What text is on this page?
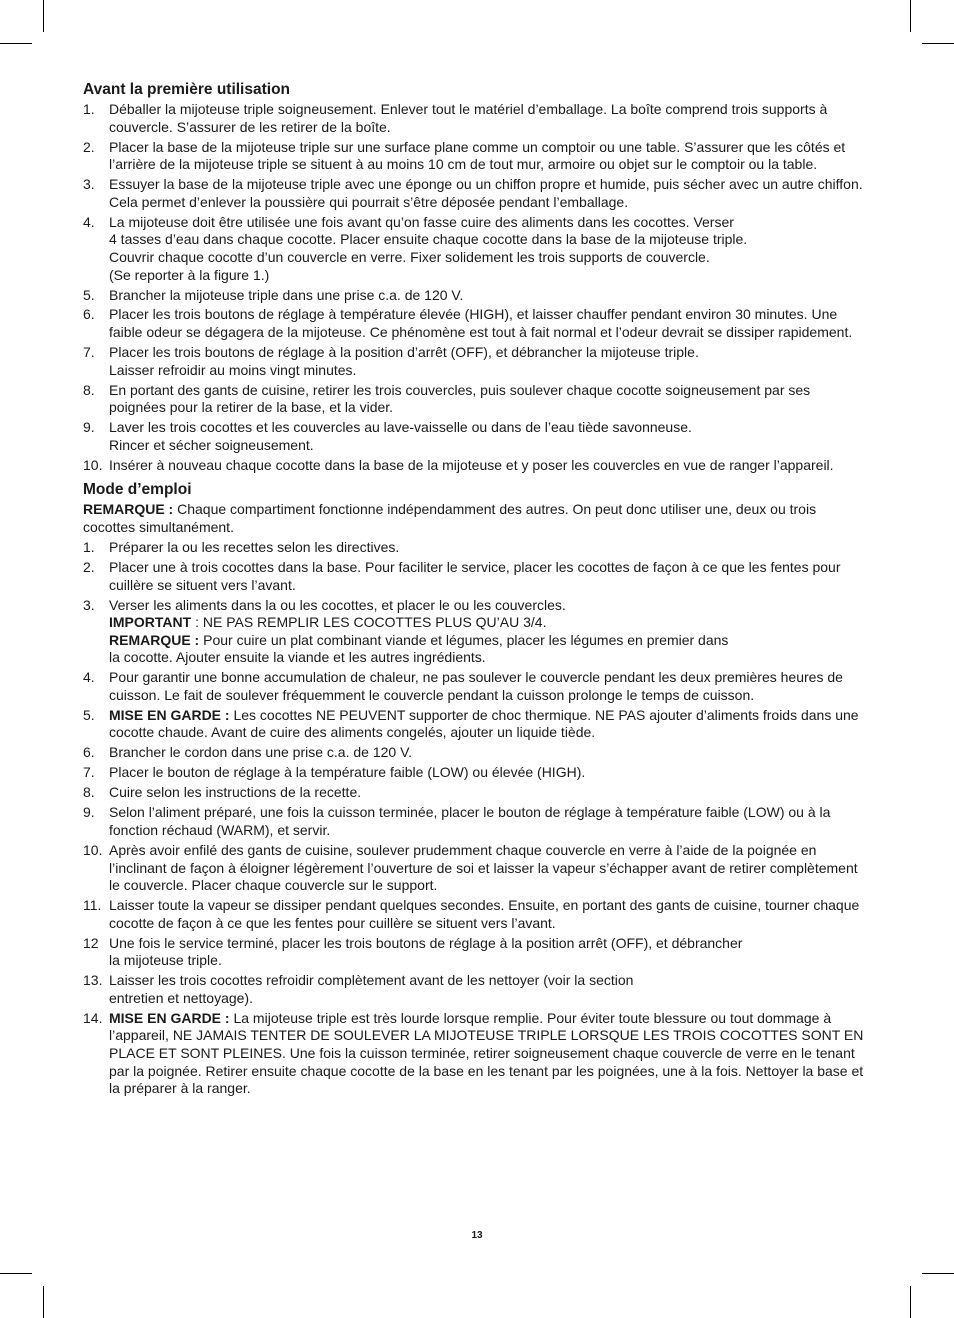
Avant la première utilisation
1. Déballer la mijoteuse triple soigneusement. Enlever tout le matériel d’emballage. La boîte comprend trois supports à couvercle. S’assurer de les retirer de la boîte.
2. Placer la base de la mijoteuse triple sur une surface plane comme un comptoir ou une table. S’assurer que les côtés et l’arrière de la mijoteuse triple se situent à au moins 10 cm de tout mur, armoire ou objet sur le comptoir ou la table.
3. Essuyer la base de la mijoteuse triple avec une éponge ou un chiffon propre et humide, puis sécher avec un autre chiffon. Cela permet d’enlever la poussière qui pourrait s’être déposée pendant l’emballage.
4. La mijoteuse doit être utilisée une fois avant qu’on fasse cuire des aliments dans les cocottes. Verser
4 tasses d’eau dans chaque cocotte. Placer ensuite chaque cocotte dans la base de la mijoteuse triple.
Couvrir chaque cocotte d’un couvercle en verre. Fixer solidement les trois supports de couvercle.
(Se reporter à la figure 1.)
5. Brancher la mijoteuse triple dans une prise c.a. de 120 V.
6. Placer les trois boutons de réglage à température élevée (HIGH), et laisser chauffer pendant environ 30 minutes. Une faible odeur se dégagera de la mijoteuse. Ce phénomène est tout à fait normal et l’odeur devrait se dissiper rapidement.
7. Placer les trois boutons de réglage à la position d’arrêt (OFF), et débrancher la mijoteuse triple.
Laisser refroidir au moins vingt minutes.
8. En portant des gants de cuisine, retirer les trois couvercles, puis soulever chaque cocotte soigneusement par ses poignées pour la retirer de la base, et la vider.
9. Laver les trois cocottes et les couvercles au lave-vaisselle ou dans de l’eau tiède savonneuse.
Rincer et sécher soigneusement.
10. Insérer à nouveau chaque cocotte dans la base de la mijoteuse et y poser les couvercles en vue de ranger l’appareil.
Mode d’emploi

REMARQUE : Chaque compartiment fonctionne indépendamment des autres. On peut donc utiliser une, deux ou trois cocottes simultanément.

1. Préparer la ou les recettes selon les directives.
2. Placer une à trois cocottes dans la base. Pour faciliter le service, placer les cocottes de façon à ce que les fentes pour cuillère se situent vers l’avant.
3. Verser les aliments dans la ou les cocottes, et placer le ou les couvercles.
IMPORTANT : NE PAS REMPLIR LES COCOTTES PLUS QU’AU 3/4.
REMARQUE : Pour cuire un plat combinant viande et légumes, placer les légumes en premier dans
la cocotte. Ajouter ensuite la viande et les autres ingrédients.
4. Pour garantir une bonne accumulation de chaleur, ne pas soulever le couvercle pendant les deux premières heures de cuisson. Le fait de soulever fréquemment le couvercle pendant la cuisson prolonge le temps de cuisson.
5. MISE EN GARDE : Les cocottes NE PEUVENT supporter de choc thermique. NE PAS ajouter d’aliments froids dans une cocotte chaude. Avant de cuire des aliments congelés, ajouter un liquide tiède.
6. Brancher le cordon dans une prise c.a. de 120 V.
7. Placer le bouton de réglage à la température faible (LOW) ou élevée (HIGH).
8. Cuire selon les instructions de la recette.
9. Selon l’aliment préparé, une fois la cuisson terminée, placer le bouton de réglage à température faible (LOW) ou à la fonction réchaud (WARM), et servir.
10. Après avoir enfilé des gants de cuisine, soulever prudemment chaque couvercle en verre à l’aide de la poignée en l’inclinant de façon à éloigner légèrement l’ouverture de soi et laisser la vapeur s’échapper avant de retirer complètement le couvercle. Placer chaque couvercle sur le support.
11. Laisser toute la vapeur se dissiper pendant quelques secondes. Ensuite, en portant des gants de cuisine, tourner chaque cocotte de façon à ce que les fentes pour cuillère se situent vers l’avant.
12 Une fois le service terminé, placer les trois boutons de réglage à la position arrêt (OFF), et débrancher
la mijoteuse triple.
13. Laisser les trois cocottes refroidir complètement avant de les nettoyer (voir la section
entretien et nettoyage).
14. MISE EN GARDE : La mijoteuse triple est très lourde lorsque remplie. Pour éviter toute blessure ou tout dommage à l’appareil, NE JAMAIS TENTER DE SOULEVER LA MIJOTEUSE TRIPLE LORSQUE LES TROIS COCOTTES SONT EN PLACE ET SONT PLEINES. Une fois la cuisson terminée, retirer soigneusement chaque couvercle de verre en le tenant par la poignée. Retirer ensuite chaque cocotte de la base en les tenant par les poignées, une à la fois. Nettoyer la base et la préparer à la ranger.
13
